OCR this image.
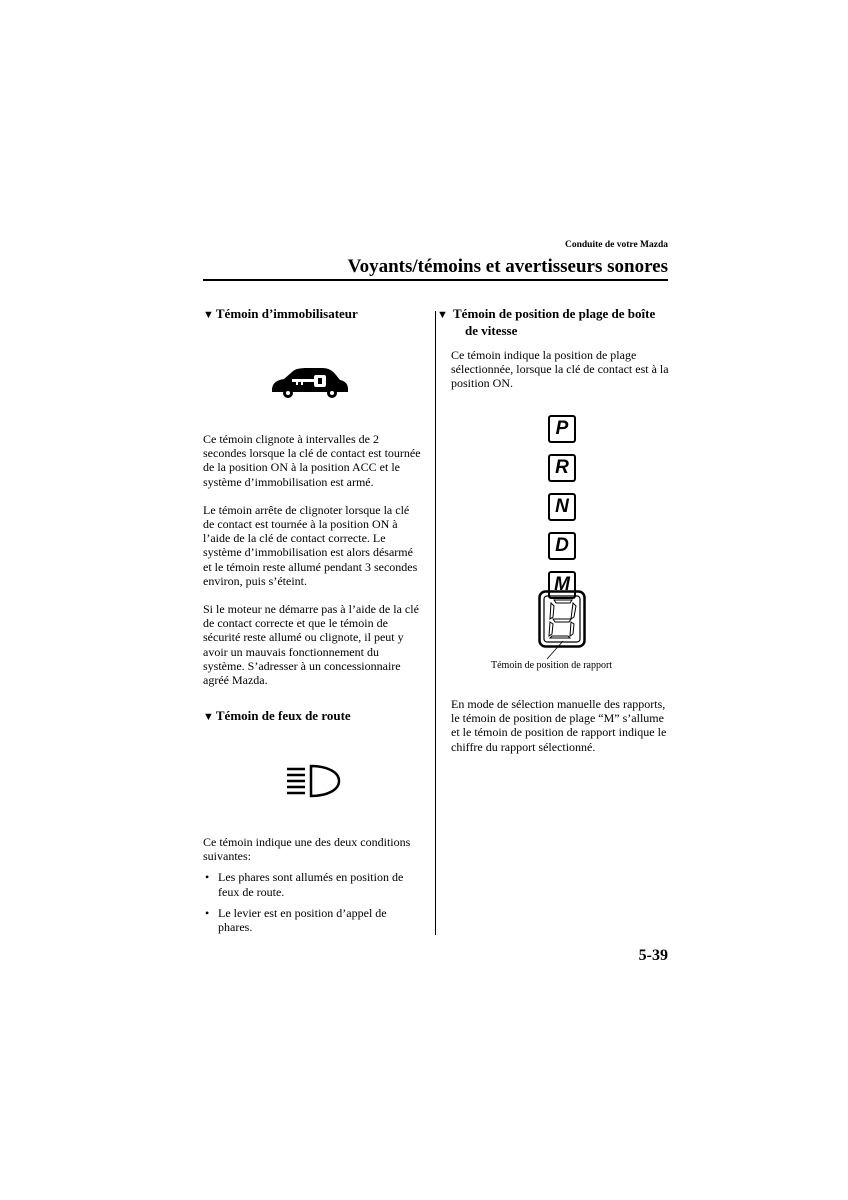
Conduite de votre Mazda
Voyants/témoins et avertisseurs sonores

▼ Témoin d’immobilisateur

Ce témoin clignote à intervalles de 2 secondes lorsque la clé de contact est tournée de la position ON à la position ACC et le système d’immobilisation est armé.

Le témoin arrête de clignoter lorsque la clé de contact est tournée à la position ON à l’aide de la clé de contact correcte. Le système d’immobilisation est alors désarmé et le témoin reste allumé pendant 3 secondes environ, puis s’éteint.

Si le moteur ne démarre pas à l’aide de la clé de contact correcte et que le témoin de sécurité reste allumé ou clignote, il peut y avoir un mauvais fonctionnement du système. S’adresser à un concessionnaire agréé Mazda.

▼ Témoin de feux de route

Ce témoin indique une des deux conditions suivantes:

• Les phares sont allumés en position de feux de route.
• Le levier est en position d’appel de phares.

▼ Témoin de position de plage de boîte de vitesse

Ce témoin indique la position de plage sélectionnée, lorsque la clé de contact est à la position ON.

P
R
N
D
M
Témoin de position de rapport

En mode de sélection manuelle des rapports, le témoin de position de plage “M” s’allume et le témoin de position de rapport indique le chiffre du rapport sélectionné.

5-39
